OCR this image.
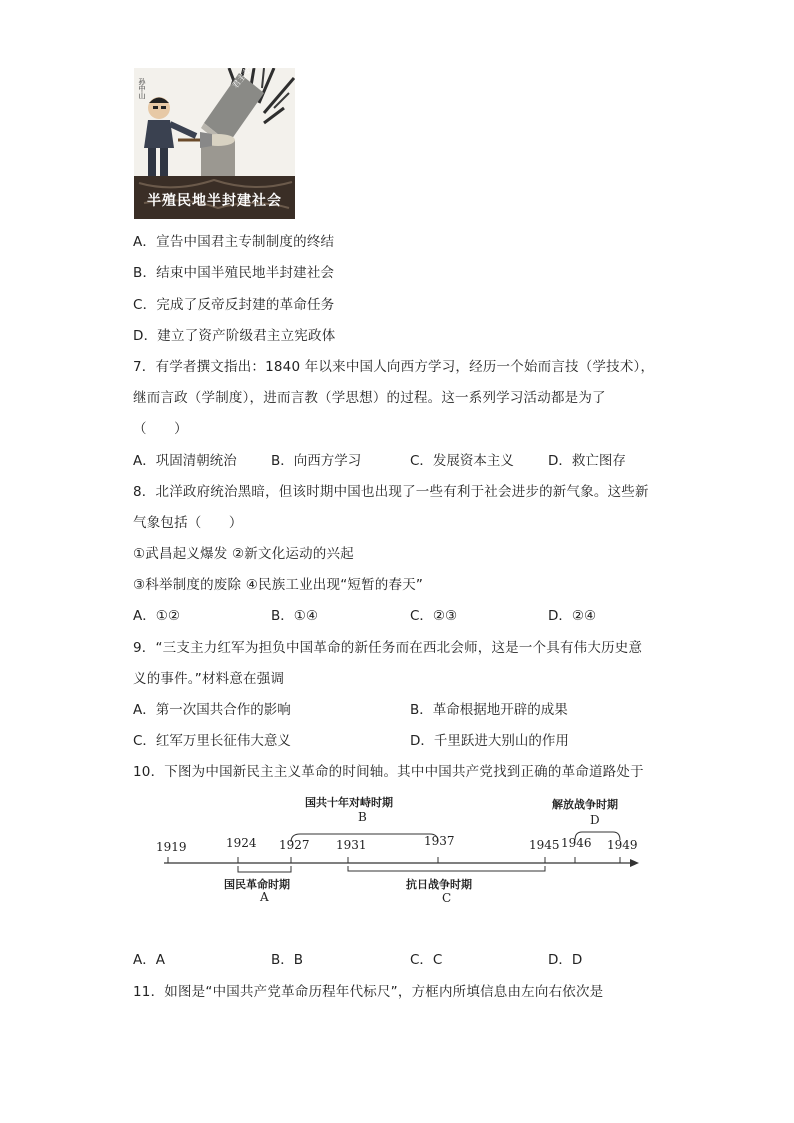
孙中山
半殖民地半封建社会
A．宣告中国君主专制制度的终结
B．结束中国半殖民地半封建社会
C．完成了反帝反封建的革命任务
D．建立了资产阶级君主立宪政体
7．有学者撰文指出：1840 年以来中国人向西方学习，经历一个始而言技（学技术），
继而言政（学制度），进而言教（学思想）的过程。这一系列学习活动都是为了
（　　）
A．巩固清朝统治	B．向西方学习	C．发展资本主义	D．救亡图存
8．北洋政府统治黑暗，但该时期中国也出现了一些有利于社会进步的新气象。这些新
气象包括（　　）
①武昌起义爆发 ②新文化运动的兴起
③科举制度的废除 ④民族工业出现“短暂的春天”
A．①②	B．①④	C．②③	D．②④
9．“三支主力红军为担负中国革命的新任务而在西北会师，这是一个具有伟大历史意
义的事件。”材料意在强调
A．第一次国共合作的影响	B．革命根据地开辟的成果
C．红军万里长征伟大意义	D．千里跃进大别山的作用
10．下图为中国新民主主义革命的时间轴。其中中国共产党找到正确的革命道路处于
1919	1924 1927 1931	1937	1945 1946 1949
国共十年对峙时期
B
解放战争时期
D
国民革命时期
A
抗日战争时期
C
A．A	B．B	C．C	D．D
11．如图是“中国共产党革命历程年代标尺”，方框内所填信息由左向右依次是
